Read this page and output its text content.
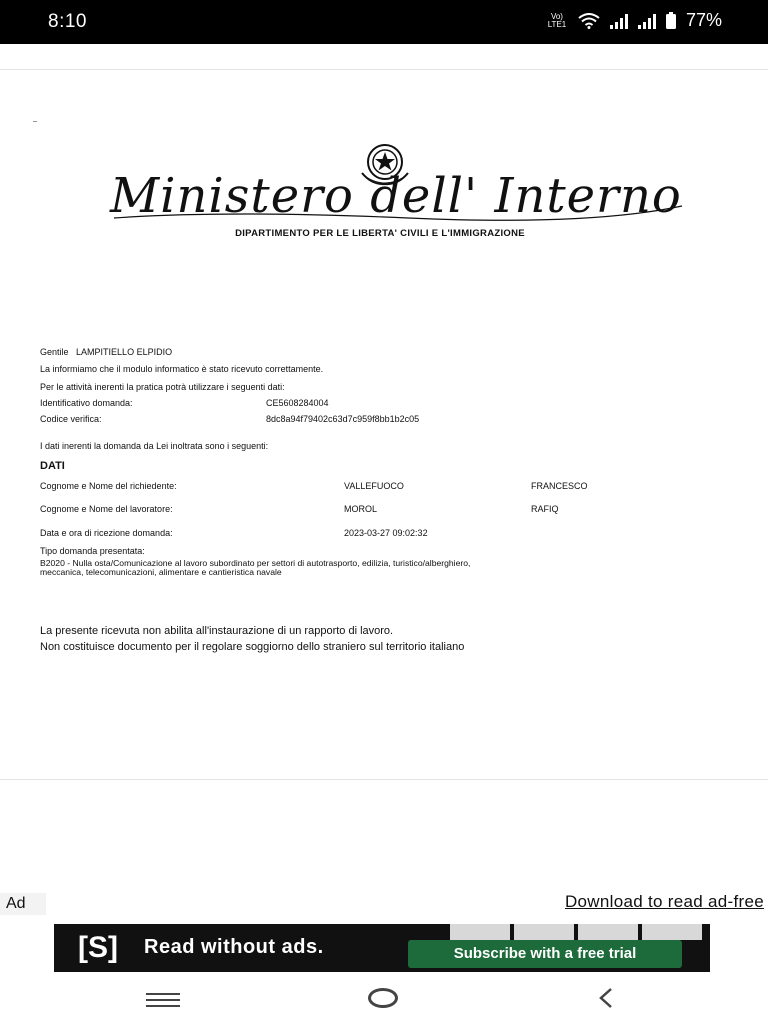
8:10	Vo) LTE1	77%
Ministero dell' Interno
DIPARTIMENTO PER LE LIBERTA' CIVILI E L'IMMIGRAZIONE
Gentile LAMPITIELLO ELPIDIO
La informiamo che il modulo informatico è stato ricevuto correttamente.
Per le attività inerenti la pratica potrà utilizzare i seguenti dati:
Identificativo domanda:	CE5608284004
Codice verifica:	8dc8a94f79402c63d7c959f8bb1b2c05
I dati inerenti la domanda da Lei inoltrata sono i seguenti:
DATI
Cognome e Nome del richiedente:	VALLEFUOCO	FRANCESCO
Cognome e Nome del lavoratore:	MOROL	RAFIQ
Data e ora di ricezione domanda:	2023-03-27 09:02:32
Tipo domanda presentata:
B2020 - Nulla osta/Comunicazione al lavoro subordinato per settori di autotrasporto, edilizia, turistico/alberghiero,
meccanica, telecomunicazioni, alimentare e cantieristica navale
La presente ricevuta non abilita all'instaurazione di un rapporto di lavoro.
Non costituisce documento per il regolare soggiorno dello straniero sul territorio italiano
Ad	Download to read ad-free
[S] Read without ads.	Subscribe with a free trial
